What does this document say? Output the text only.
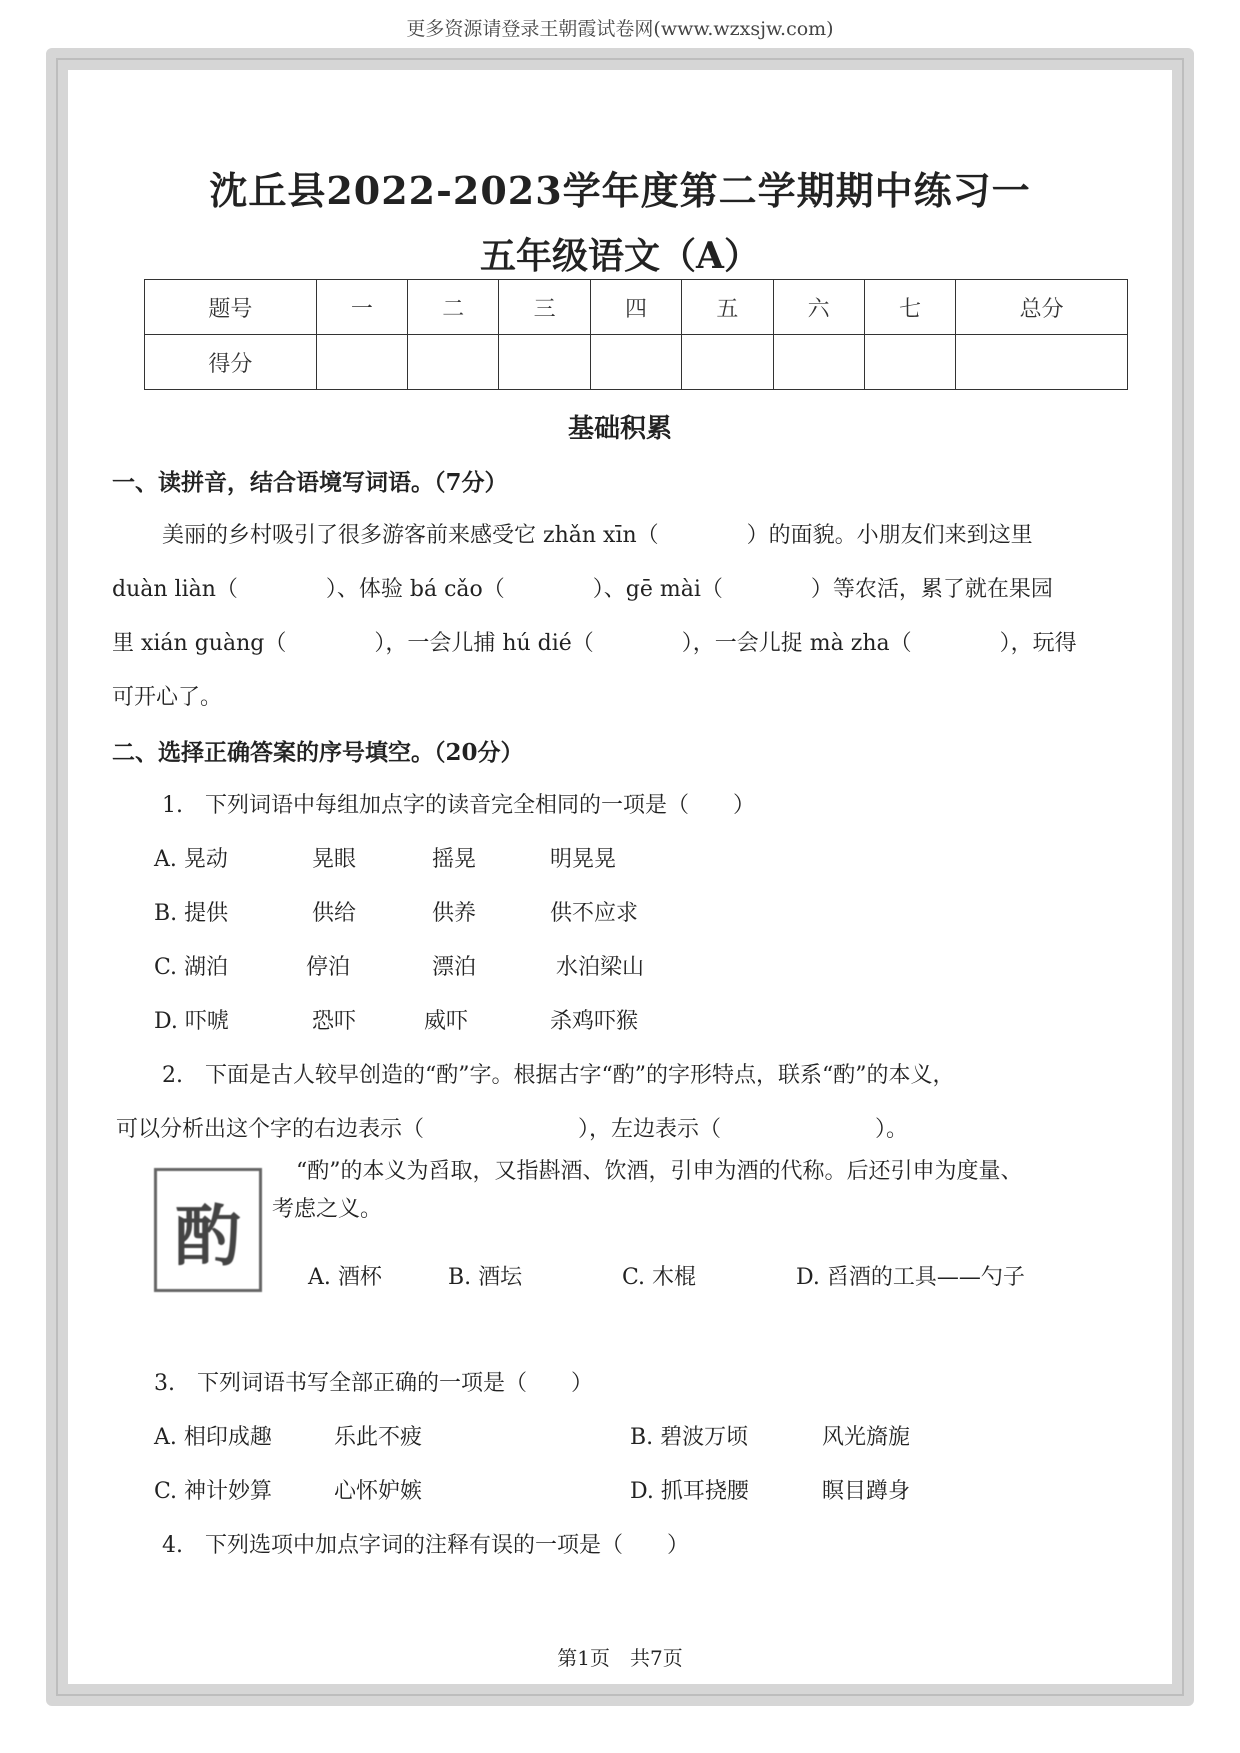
更多资源请登录王朝霞试卷网(www.wzxsjw.com)
沈丘县2022-2023学年度第二学期期中练习一
五年级语文（A）
题号	一	二	三	四	五	六	七	总分
得分								
基础积累
一、读拼音，结合语境写词语。（7分）
美丽的乡村吸引了很多游客前来感受它 zhǎn xīn（　　　　）的面貌。小朋友们来到这里
duàn liàn（　　　　）、体验 bá cǎo（　　　　）、gē mài（　　　　）等农活，累了就在果园
里 xián guàng（　　　　），一会儿捕 hú dié（　　　　），一会儿捉 mà zha（　　　　），玩得
可开心了。
二、选择正确答案的序号填空。（20分）
1.　下列词语中每组加点字的读音完全相同的一项是（　　）
A. 晃动	晃眼	摇晃	明晃晃
B. 提供	供给	供养	供不应求
C. 湖泊	停泊	漂泊	水泊梁山
D. 吓唬	恐吓	威吓	杀鸡吓猴
2.　下面是古人较早创造的“酌”字。根据古字“酌”的字形特点，联系“酌”的本义，
可以分析出这个字的右边表示（　　　　　　　），左边表示（　　　　　　　）。
酌
“酌”的本义为舀取，又指斟酒、饮酒，引申为酒的代称。后还引申为度量、
考虑之义。
A. 酒杯	B. 酒坛	C. 木棍	D. 舀酒的工具——勺子
3.　下列词语书写全部正确的一项是（　　）
A. 相印成趣	乐此不疲	B. 碧波万顷	风光旖旎
C. 神计妙算	心怀妒嫉	D. 抓耳挠腰	瞑目蹲身
4.　下列选项中加点字词的注释有误的一项是（　　）
第1页　共7页
